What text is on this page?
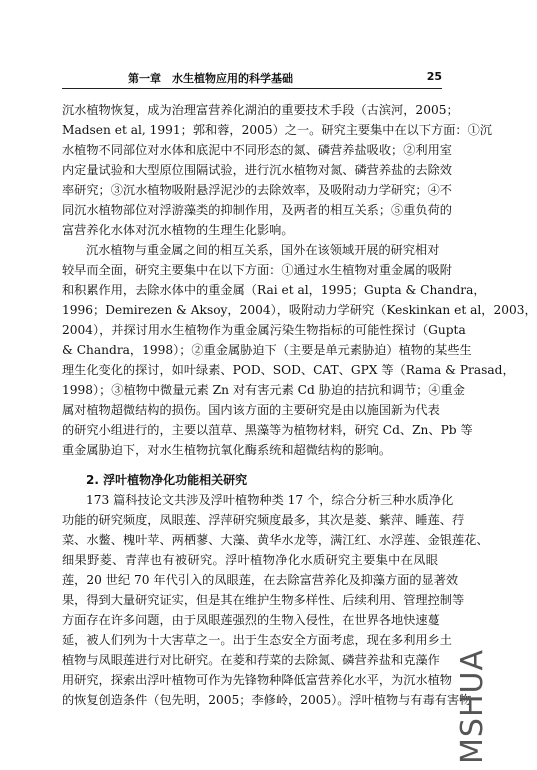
第一章　水生植物应用的科学基础	25
沉水植物恢复，成为治理富营养化湖泊的重要技术手段（古滨河，2005；
Madsen et al, 1991；郭和蓉，2005）之一。研究主要集中在以下方面：①沉
水植物不同部位对水体和底泥中不同形态的氮、磷营养盐吸收；②利用室
内定量试验和大型原位围隔试验，进行沉水植物对氮、磷营养盐的去除效
率研究；③沉水植物吸附悬浮泥沙的去除效率，及吸附动力学研究；④不
同沉水植物部位对浮游藻类的抑制作用，及两者的相互关系；⑤重负荷的
富营养化水体对沉水植物的生理生化影响。
沉水植物与重金属之间的相互关系，国外在该领域开展的研究相对
较早而全面，研究主要集中在以下方面：①通过水生植物对重金属的吸附
和积累作用，去除水体中的重金属（Rai et al，1995；Gupta & Chandra，
1996；Demirezen & Aksoy，2004），吸附动力学研究（Keskinkan et al，2003，
2004），并探讨用水生植物作为重金属污染生物指标的可能性探讨（Gupta
& Chandra，1998）；②重金属胁迫下（主要是单元素胁迫）植物的某些生
理生化变化的探讨，如叶绿素、POD、SOD、CAT、GPX 等（Rama & Prasad，
1998）；③植物中微量元素 Zn 对有害元素 Cd 胁迫的拮抗和调节；④重金
属对植物超微结构的损伤。国内该方面的主要研究是由以施国新为代表
的研究小组进行的，主要以菹草、黑藻等为植物材料，研究 Cd、Zn、Pb 等
重金属胁迫下，对水生植物抗氧化酶系统和超微结构的影响。
2. 浮叶植物净化功能相关研究
173 篇科技论文共涉及浮叶植物种类 17 个，综合分析三种水质净化
功能的研究频度，凤眼莲、浮萍研究频度最多，其次是菱、紫萍、睡莲、荇
菜、水鳖、槐叶苹、两栖蓼、大藻、黄华水龙等，满江红、水浮莲、金银莲花、
细果野菱、青萍也有被研究。浮叶植物净化水质研究主要集中在凤眼
莲，20 世纪 70 年代引入的凤眼莲，在去除富营养化及抑藻方面的显著效
果，得到大量研究证实，但是其在维护生物多样性、后续利用、管理控制等
方面存在许多问题，由于凤眼莲强烈的生物入侵性，在世界各地快速蔓
延，被人们列为十大害草之一。出于生态安全方面考虑，现在多利用乡土
植物与凤眼莲进行对比研究。在菱和荇菜的去除氮、磷营养盐和克藻作
用研究，探索出浮叶植物可作为先锋物种降低富营养化水平，为沉水植物
的恢复创造条件（包先明，2005；李修岭，2005）。浮叶植物与有毒有害物
MSHUA
